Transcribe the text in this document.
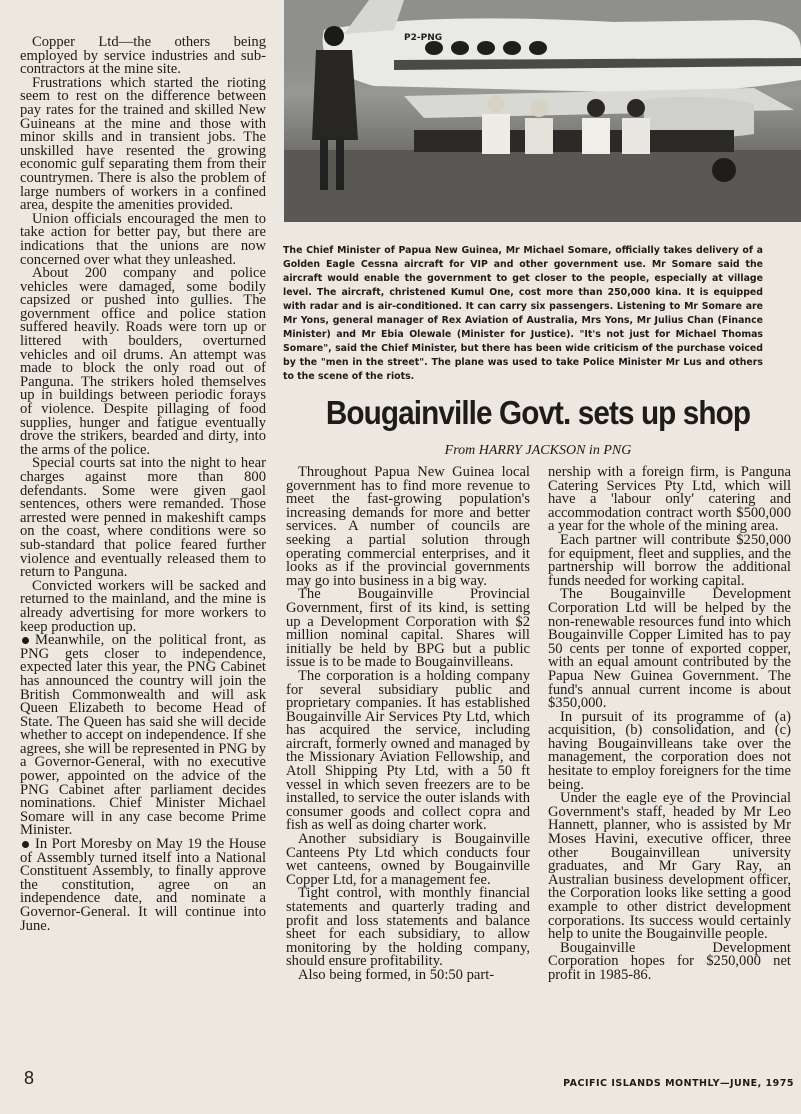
Copper Ltd—the others being employed by service industries and sub-contractors at the mine site.

Frustrations which started the rioting seem to rest on the difference between pay rates for the trained and skilled New Guineans at the mine and those with minor skills and in transient jobs. The unskilled have resented the growing economic gulf separating them from their countrymen. There is also the problem of large numbers of workers in a confined area, despite the amenities provided.

Union officials encouraged the men to take action for better pay, but there are indications that the unions are now concerned over what they unleashed.

About 200 company and police vehicles were damaged, some bodily capsized or pushed into gullies. The government office and police station suffered heavily. Roads were torn up or littered with boulders, overturned vehicles and oil drums. An attempt was made to block the only road out of Panguna. The strikers holed themselves up in buildings between periodic forays of violence. Despite pillaging of food supplies, hunger and fatigue eventually drove the strikers, bearded and dirty, into the arms of the police.

Special courts sat into the night to hear charges against more than 800 defendants. Some were given gaol sentences, others were remanded. Those arrested were penned in makeshift camps on the coast, where conditions were so sub-standard that police feared further violence and eventually released them to return to Panguna.

Convicted workers will be sacked and returned to the mainland, and the mine is already advertising for more workers to keep production up.

Meanwhile, on the political front, as PNG gets closer to independence, expected later this year, the PNG Cabinet has announced the country will join the British Commonwealth and will ask Queen Elizabeth to become Head of State. The Queen has said she will decide whether to accept on independence. If she agrees, she will be represented in PNG by a Governor-General, with no executive power, appointed on the advice of the PNG Cabinet after parliament decides nominations. Chief Minister Michael Somare will in any case become Prime Minister.

In Port Moresby on May 19 the House of Assembly turned itself into a National Constituent Assembly, to finally approve the constitution, agree on an independence date, and nominate a Governor-General. It will continue into June.

P2-PNG
The Chief Minister of Papua New Guinea, Mr Michael Somare, officially takes delivery of a Golden Eagle Cessna aircraft for VIP and other government use. Mr Somare said the aircraft would enable the government to get closer to the people, especially at village level. The aircraft, christened Kumul One, cost more than 250,000 kina. It is equipped with radar and is air-conditioned. It can carry six passengers. Listening to Mr Somare are Mr Yons, general manager of Rex Aviation of Australia, Mrs Yons, Mr Julius Chan (Finance Minister) and Mr Ebia Olewale (Minister for Justice). "It's not just for Michael Thomas Somare", said the Chief Minister, but there has been wide criticism of the purchase voiced by the "men in the street". The plane was used to take Police Minister Mr Lus and others to the scene of the riots.
Bougainville Govt. sets up shop
From HARRY JACKSON in PNG

Throughout Papua New Guinea local government has to find more revenue to meet the fast-growing population's increasing demands for more and better services. A number of councils are seeking a partial solution through operating commercial enterprises, and it looks as if the provincial governments may go into business in a big way.

The Bougainville Provincial Government, first of its kind, is setting up a Development Corporation with $2 million nominal capital. Shares will initially be held by BPG but a public issue is to be made to Bougainvilleans.

The corporation is a holding company for several subsidiary public and proprietary companies. It has established Bougainville Air Services Pty Ltd, which has acquired the service, including aircraft, formerly owned and managed by the Missionary Aviation Fellowship, and Atoll Shipping Pty Ltd, with a 50 ft vessel in which seven freezers are to be installed, to service the outer islands with consumer goods and collect copra and fish as well as doing charter work.

Another subsidiary is Bougainville Canteens Pty Ltd which conducts four wet canteens, owned by Bougainville Copper Ltd, for a management fee.

Tight control, with monthly financial statements and quarterly trading and profit and loss statements and balance sheet for each subsidiary, to allow monitoring by the holding company, should ensure profitability.

Also being formed, in 50:50 part-

nership with a foreign firm, is Panguna Catering Services Pty Ltd, which will have a 'labour only' catering and accommodation contract worth $500,000 a year for the whole of the mining area.

Each partner will contribute $250,000 for equipment, fleet and supplies, and the partnership will borrow the additional funds needed for working capital.

The Bougainville Development Corporation Ltd will be helped by the non-renewable resources fund into which Bougainville Copper Limited has to pay 50 cents per tonne of exported copper, with an equal amount contributed by the Papua New Guinea Government. The fund's annual current income is about $350,000.

In pursuit of its programme of (a) acquisition, (b) consolidation, and (c) having Bougainvilleans take over the management, the corporation does not hesitate to employ foreigners for the time being.

Under the eagle eye of the Provincial Government's staff, headed by Mr Leo Hannett, planner, who is assisted by Mr Moses Havini, executive officer, three other Bougainvillean university graduates, and Mr Gary Ray, an Australian business development officer, the Corporation looks like setting a good example to other district development corporations. Its success would certainly help to unite the Bougainville people.

Bougainville Development Corporation hopes for $250,000 net profit in 1985-86.

8	PACIFIC ISLANDS MONTHLY—JUNE, 1975
